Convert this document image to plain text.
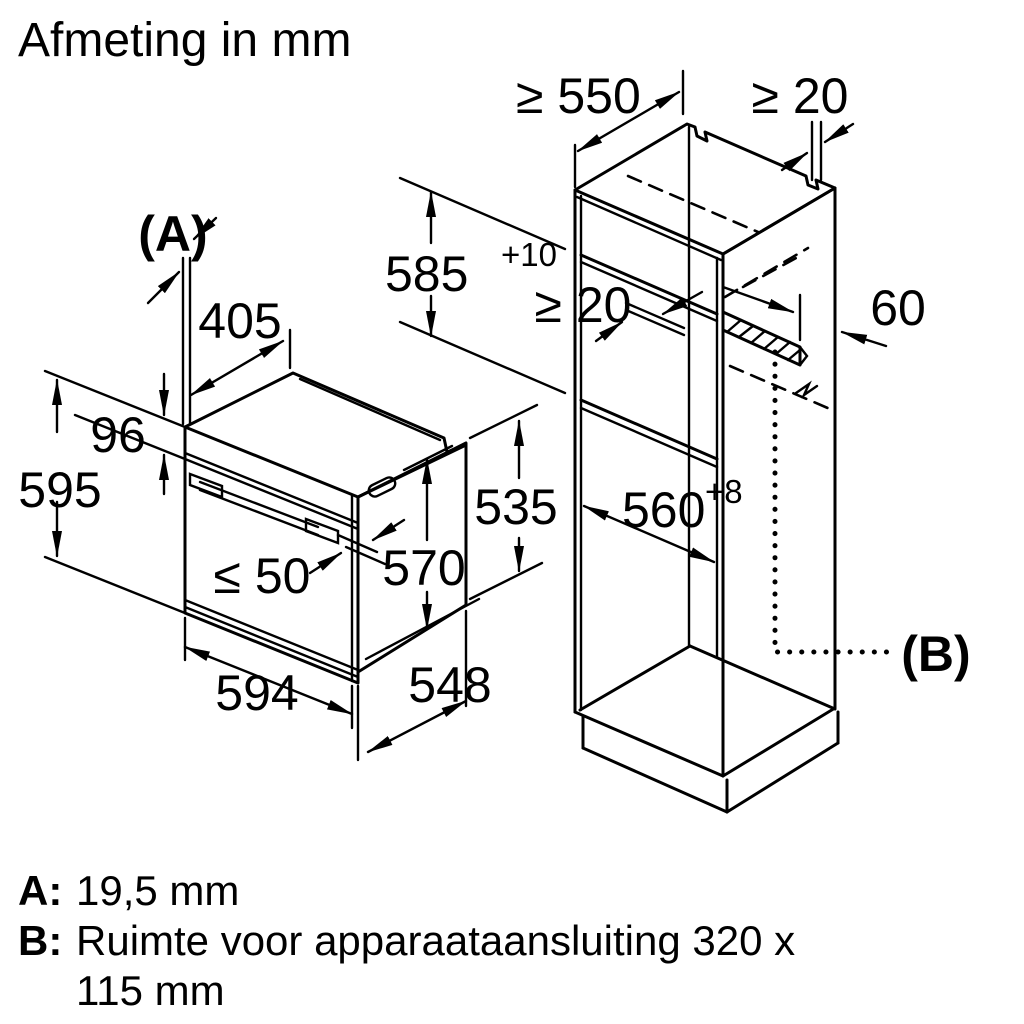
Afmeting in mm
(A)
405
96
595
≤ 50 570
535
594 548
(B)
≥ 550 ≥ 20
585 +10
≥ 20	60
560 +8
A: 19,5 mm
B: Ruimte voor apparaataansluiting 320 x
115 mm
